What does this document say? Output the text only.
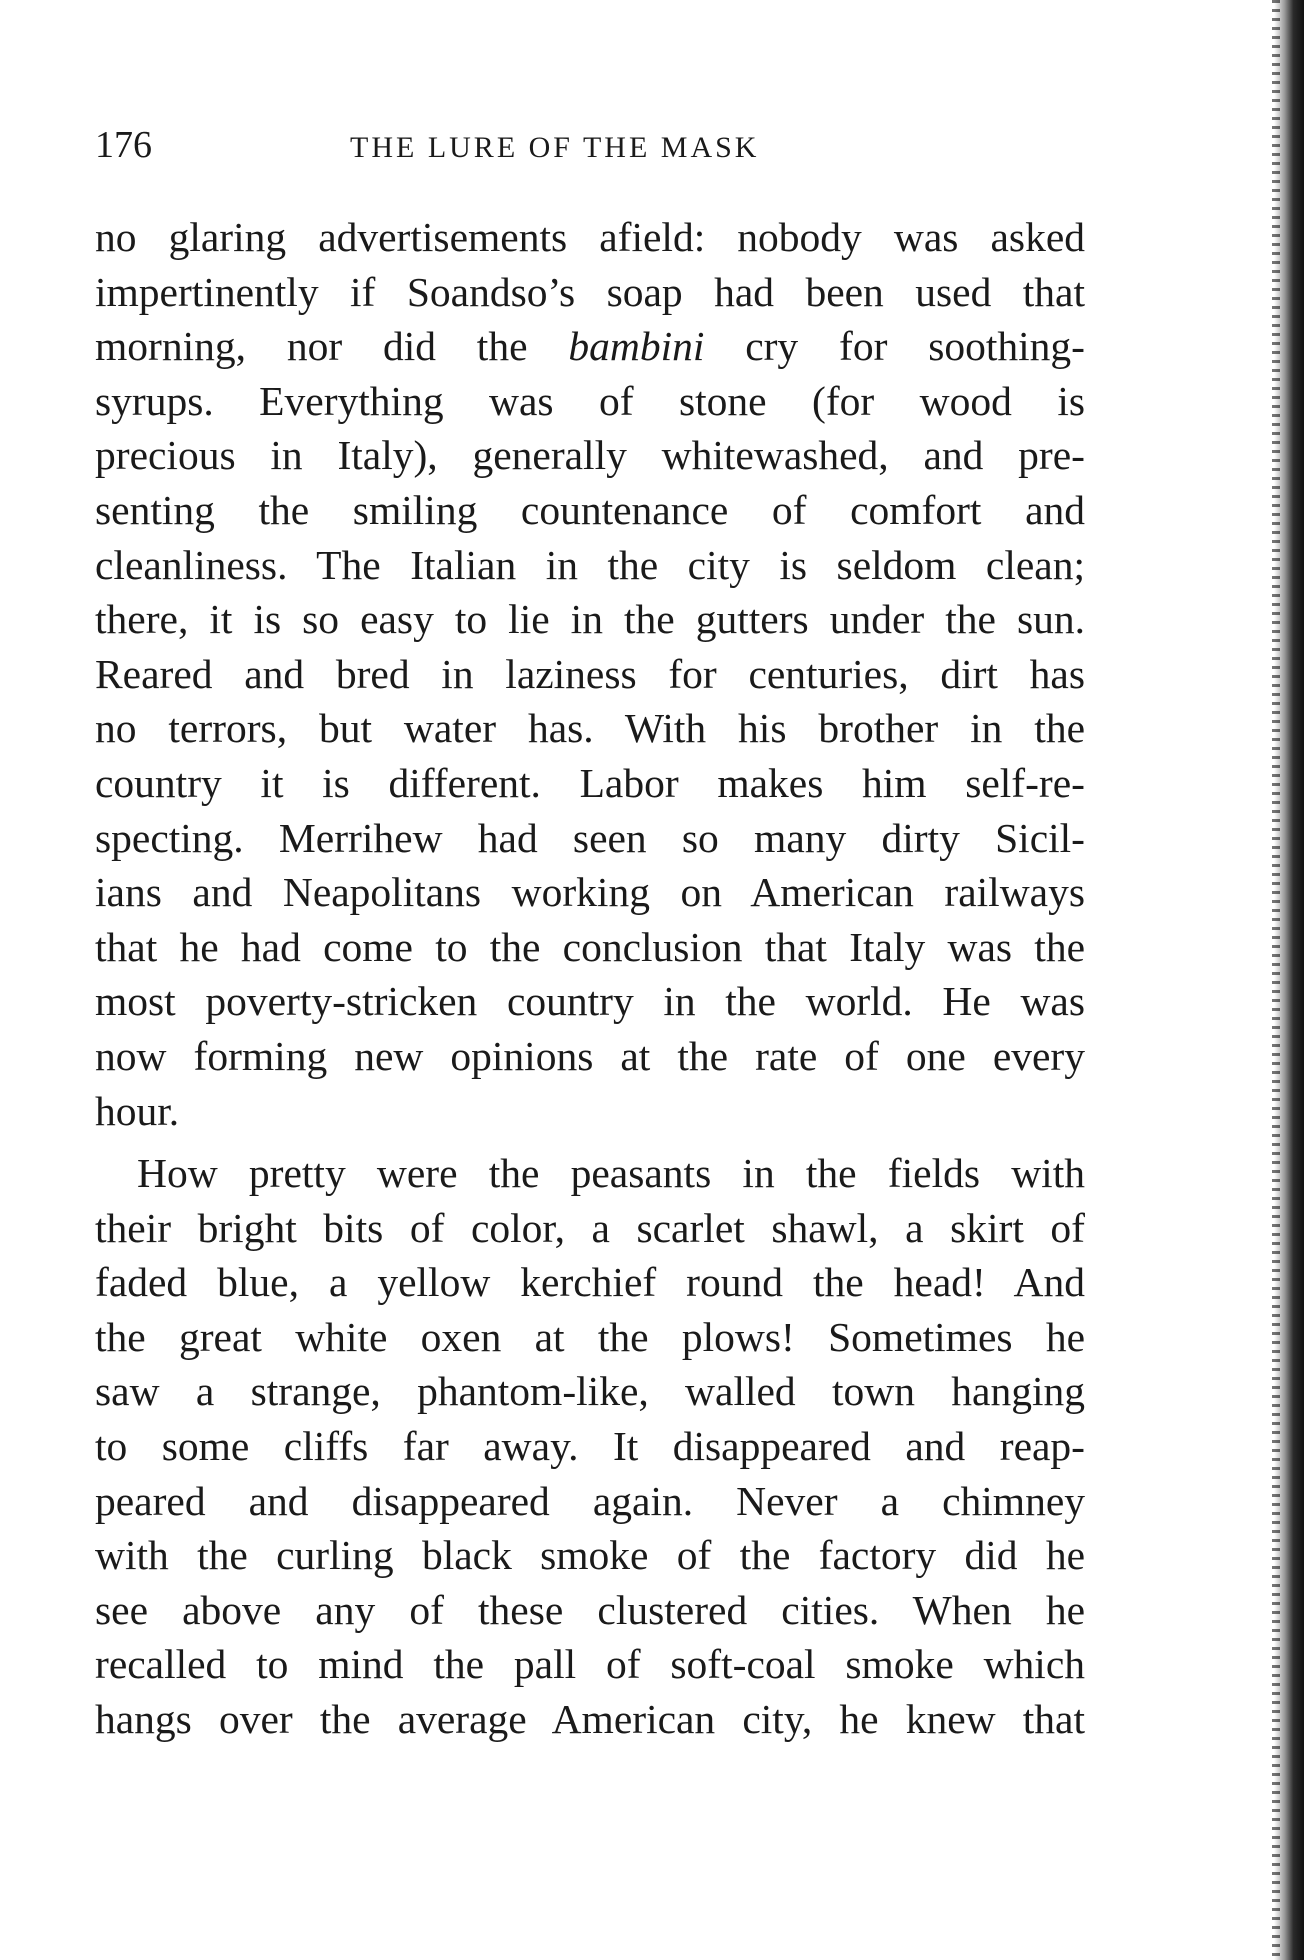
176	THE LURE OF THE MASK
no glaring advertisements afield: nobody was asked
impertinently if Soandso’s soap had been used that
morning, nor did the bambini cry for soothing-
syrups. Everything was of stone (for wood is
precious in Italy), generally whitewashed, and pre-
senting the smiling countenance of comfort and
cleanliness. The Italian in the city is seldom clean;
there, it is so easy to lie in the gutters under the sun.
Reared and bred in laziness for centuries, dirt has
no terrors, but water has. With his brother in the
country it is different. Labor makes him self-re-
specting. Merrihew had seen so many dirty Sicil-
ians and Neapolitans working on American railways
that he had come to the conclusion that Italy was the
most poverty-stricken country in the world. He was
now forming new opinions at the rate of one every
hour.
How pretty were the peasants in the fields with
their bright bits of color, a scarlet shawl, a skirt of
faded blue, a yellow kerchief round the head! And
the great white oxen at the plows! Sometimes he
saw a strange, phantom-like, walled town hanging
to some cliffs far away. It disappeared and reap-
peared and disappeared again. Never a chimney
with the curling black smoke of the factory did he
see above any of these clustered cities. When he
recalled to mind the pall of soft-coal smoke which
hangs over the average American city, he knew that
